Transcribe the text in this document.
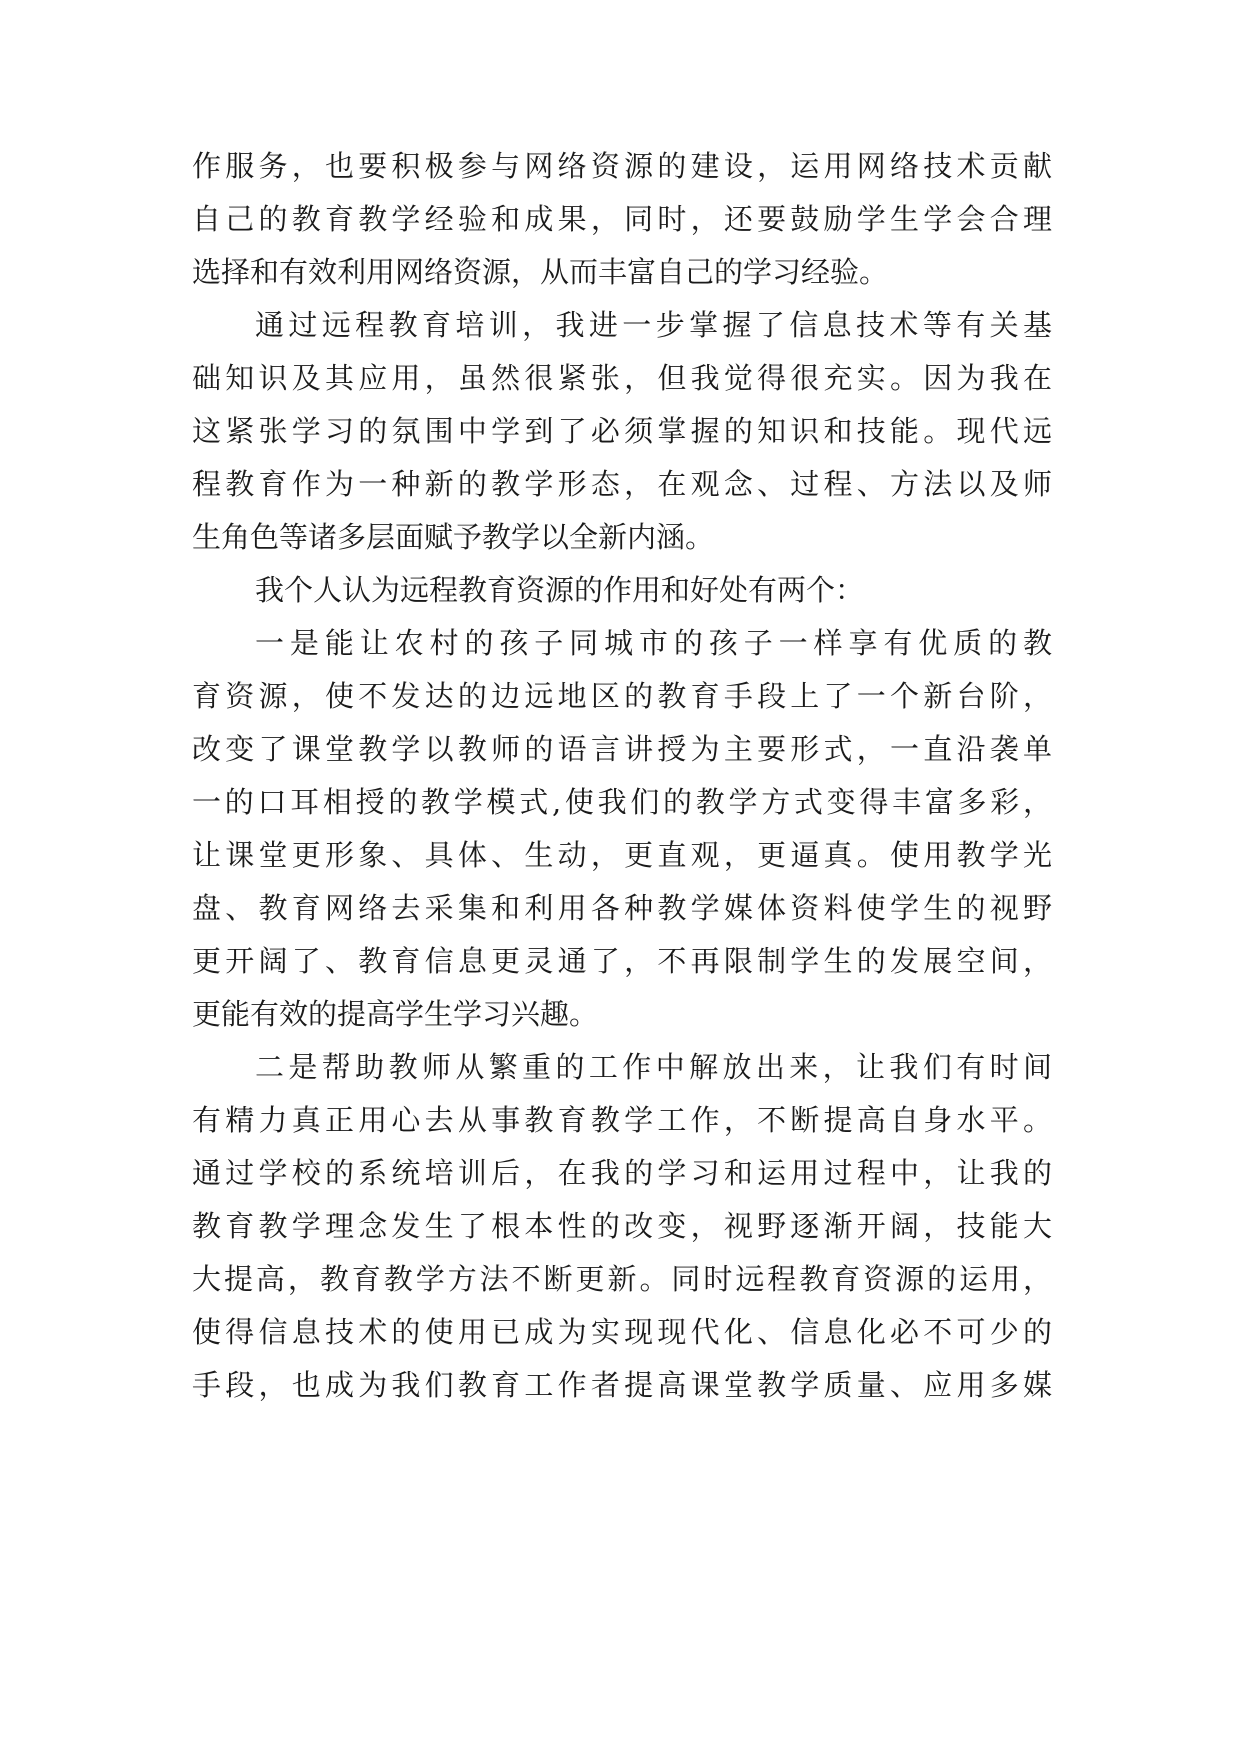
作服务，也要积极参与网络资源的建设，运用网络技术贡献
自己的教育教学经验和成果，同时，还要鼓励学生学会合理
选择和有效利用网络资源，从而丰富自己的学习经验。
通过远程教育培训，我进一步掌握了信息技术等有关基
础知识及其应用，虽然很紧张，但我觉得很充实。因为我在
这紧张学习的氛围中学到了必须掌握的知识和技能。现代远
程教育作为一种新的教学形态，在观念、过程、方法以及师
生角色等诸多层面赋予教学以全新内涵。
我个人认为远程教育资源的作用和好处有两个：
一是能让农村的孩子同城市的孩子一样享有优质的教
育资源，使不发达的边远地区的教育手段上了一个新台阶，
改变了课堂教学以教师的语言讲授为主要形式，一直沿袭单
一的口耳相授的教学模式,使我们的教学方式变得丰富多彩，
让课堂更形象、具体、生动，更直观，更逼真。使用教学光
盘、教育网络去采集和利用各种教学媒体资料使学生的视野
更开阔了、教育信息更灵通了，不再限制学生的发展空间，
更能有效的提高学生学习兴趣。
二是帮助教师从繁重的工作中解放出来，让我们有时间
有精力真正用心去从事教育教学工作，不断提高自身水平。
通过学校的系统培训后，在我的学习和运用过程中，让我的
教育教学理念发生了根本性的改变，视野逐渐开阔，技能大
大提高，教育教学方法不断更新。同时远程教育资源的运用，
使得信息技术的使用已成为实现现代化、信息化必不可少的
手段，也成为我们教育工作者提高课堂教学质量、应用多媒
